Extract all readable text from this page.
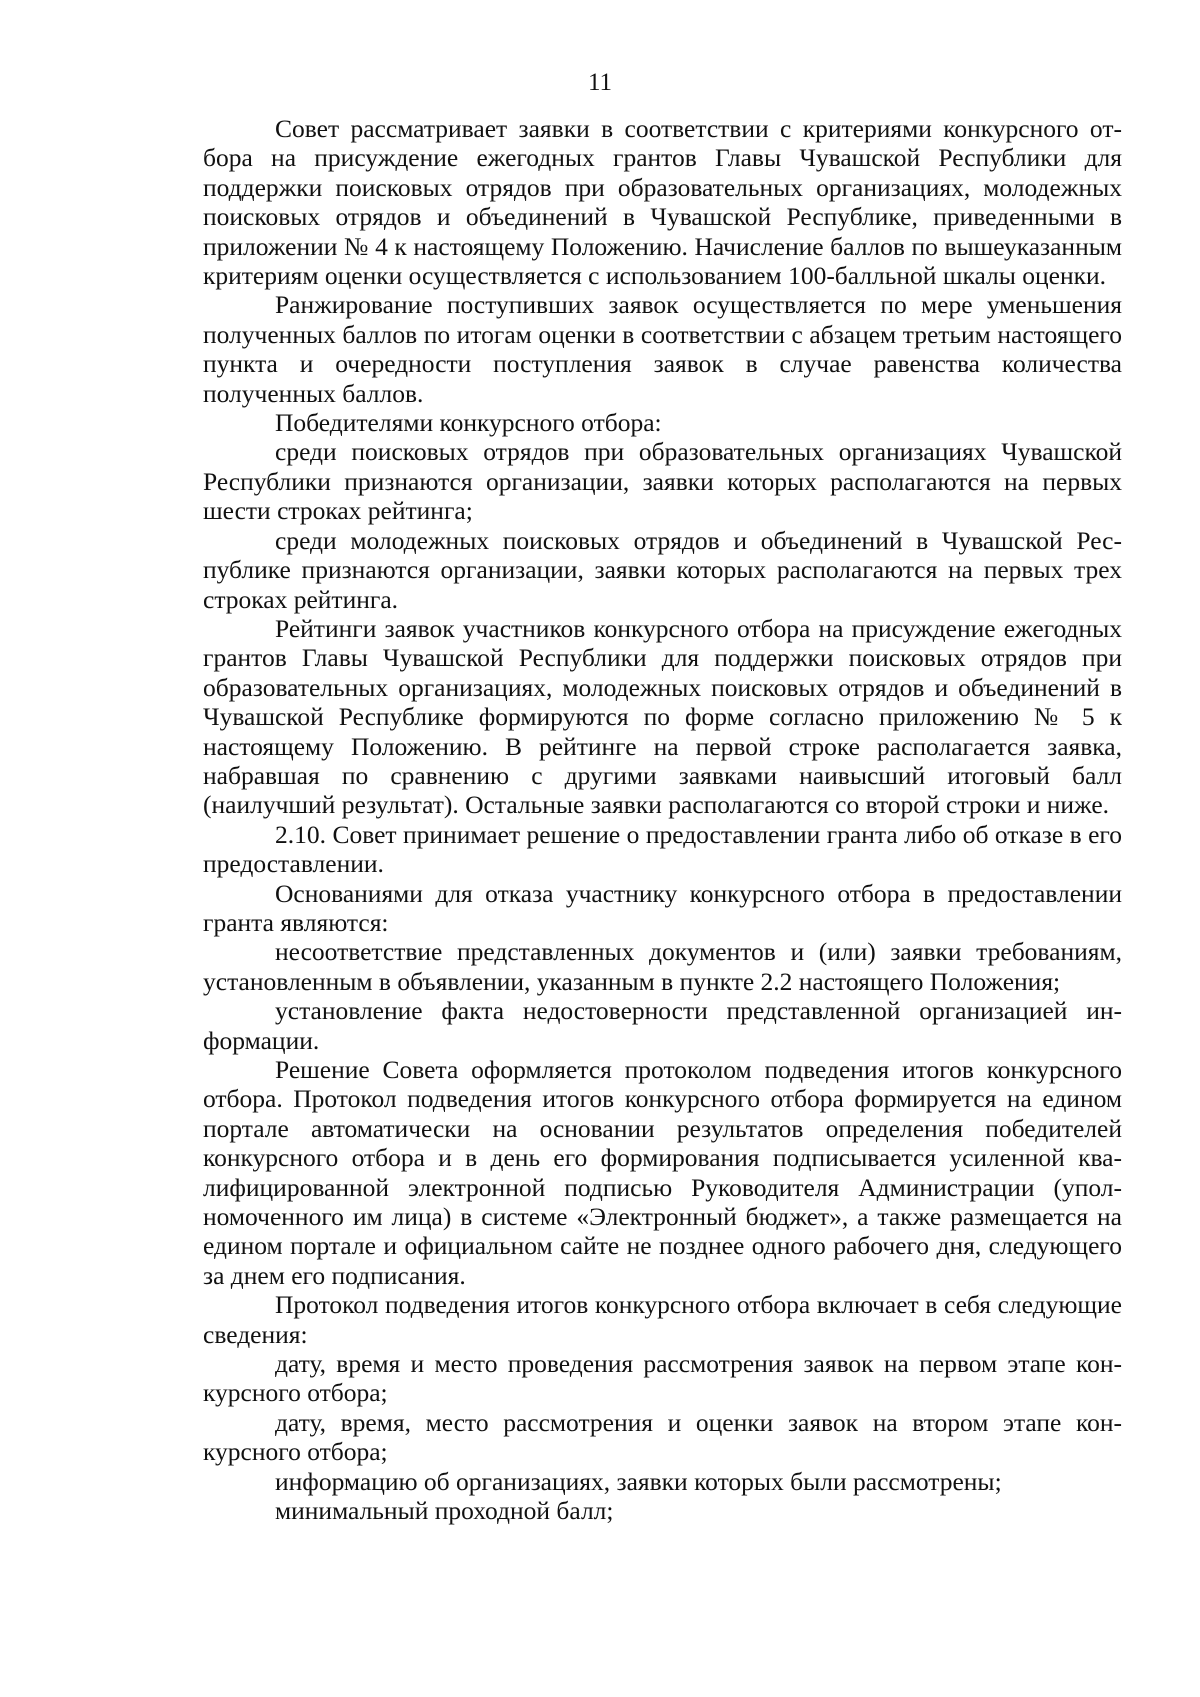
11

Совет рассматривает заявки в соответствии с критериями конкурсного отбора на присуждение ежегодных грантов Главы Чувашской Республики для поддержки поисковых отрядов при образовательных организациях, молодежных поисковых отрядов и объединений в Чувашской Республике, приведенными в приложении № 4 к настоящему Положению. Начисление баллов по вышеуказанным критериям оценки осуществляется с использованием 100-балльной шкалы оценки.

Ранжирование поступивших заявок осуществляется по мере уменьшения полученных баллов по итогам оценки в соответствии с абзацем третьим настоящего пункта и очередности поступления заявок в случае равенства количества полученных баллов.

Победителями конкурсного отбора:

среди поисковых отрядов при образовательных организациях Чувашской Республики признаются организации, заявки которых располагаются на первых шести строках рейтинга;

среди молодежных поисковых отрядов и объединений в Чувашской Республике признаются организации, заявки которых располагаются на первых трех строках рейтинга.

Рейтинги заявок участников конкурсного отбора на присуждение ежегодных грантов Главы Чувашской Республики для поддержки поисковых отрядов при образовательных организациях, молодежных поисковых отрядов и объединений в Чувашской Республике формируются по форме согласно приложению № 5 к настоящему Положению. В рейтинге на первой строке располагается заявка, набравшая по сравнению с другими заявками наивысший итоговый балл (наилучший результат). Остальные заявки располагаются со второй строки и ниже.

2.10. Совет принимает решение о предоставлении гранта либо об отказе в его предоставлении.

Основаниями для отказа участнику конкурсного отбора в предоставлении гранта являются:

несоответствие представленных документов и (или) заявки требованиям, установленным в объявлении, указанным в пункте 2.2 настоящего Положения;

установление факта недостоверности представленной организацией информации.

Решение Совета оформляется протоколом подведения итогов конкурсного отбора. Протокол подведения итогов конкурсного отбора формируется на едином портале автоматически на основании результатов определения победителей конкурсного отбора и в день его формирования подписывается усиленной квалифицированной электронной подписью Руководителя Администрации (уполномоченного им лица) в системе «Электронный бюджет», а также размещается на едином портале и официальном сайте не позднее одного рабочего дня, следующего за днем его подписания.

Протокол подведения итогов конкурсного отбора включает в себя следующие сведения:

дату, время и место проведения рассмотрения заявок на первом этапе конкурсного отбора;

дату, время, место рассмотрения и оценки заявок на втором этапе конкурсного отбора;

информацию об организациях, заявки которых были рассмотрены;

минимальный проходной балл;
